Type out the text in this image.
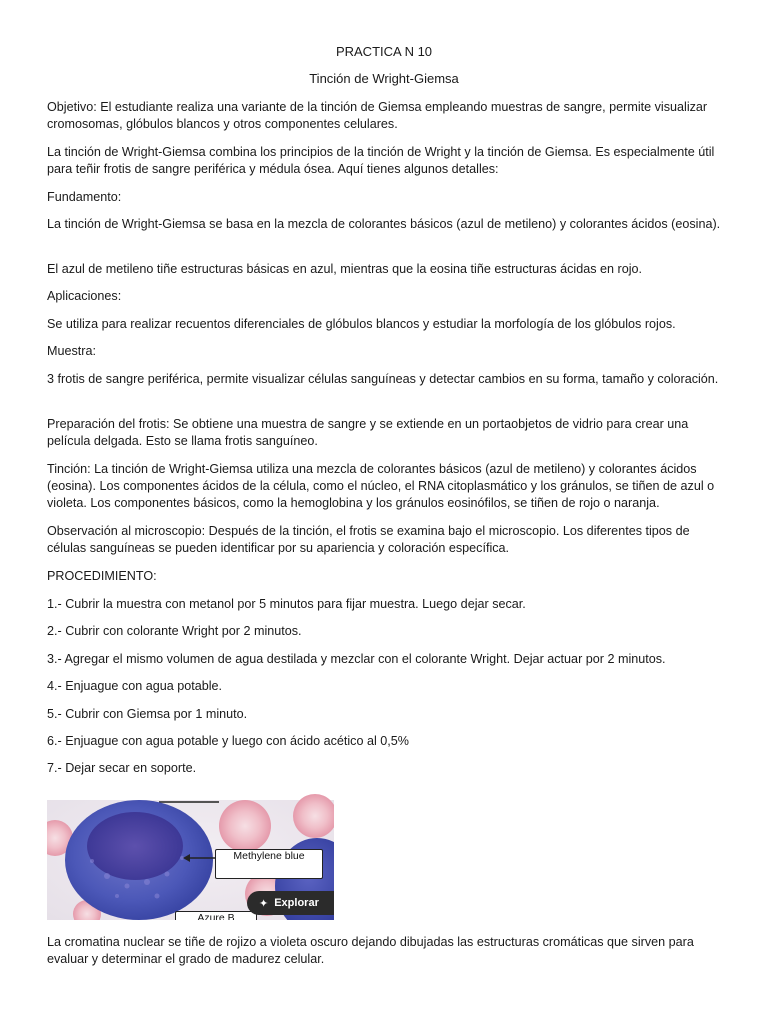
PRACTICA N 10
Tinción de Wright-Giemsa

Objetivo: El estudiante realiza una variante de la tinción de Giemsa empleando muestras de sangre, permite visualizar cromosomas, glóbulos blancos y otros componentes celulares.

La tinción de Wright-Giemsa combina los principios de la tinción de Wright y la tinción de Giemsa. Es especialmente útil para teñir frotis de sangre periférica y médula ósea. Aquí tienes algunos detalles:

Fundamento:

La tinción de Wright-Giemsa se basa en la mezcla de colorantes básicos (azul de metileno) y colorantes ácidos (eosina).

El azul de metileno tiñe estructuras básicas en azul, mientras que la eosina tiñe estructuras ácidas en rojo.

Aplicaciones:

Se utiliza para realizar recuentos diferenciales de glóbulos blancos y estudiar la morfología de los glóbulos rojos.

Muestra:

3 frotis de sangre periférica, permite visualizar células sanguíneas y detectar cambios en su forma, tamaño y coloración.

Preparación del frotis: Se obtiene una muestra de sangre y se extiende en un portaobjetos de vidrio para crear una película delgada. Esto se llama frotis sanguíneo.

Tinción: La tinción de Wright-Giemsa utiliza una mezcla de colorantes básicos (azul de metileno) y colorantes ácidos (eosina). Los componentes ácidos de la célula, como el núcleo, el RNA citoplasmático y los gránulos, se tiñen de azul o violeta. Los componentes básicos, como la hemoglobina y los gránulos eosinófilos, se tiñen de rojo o naranja.

Observación al microscopio: Después de la tinción, el frotis se examina bajo el microscopio. Los diferentes tipos de células sanguíneas se pueden identificar por su apariencia y coloración específica.

PROCEDIMIENTO:

1.- Cubrir la muestra con metanol por 5 minutos para fijar muestra. Luego dejar secar.

2.- Cubrir con colorante Wright por 2 minutos.

3.- Agregar el mismo volumen de agua destilada y mezclar con el colorante Wright. Dejar actuar por 2 minutos.

4.- Enjuague con agua potable.

5.- Cubrir con Giemsa por 1 minuto.

6.- Enjuague con agua potable y luego con ácido acético al 0,5%

7.- Dejar secar en soporte.

Methylene blue
Azure B
✦ Explorar

La cromatina nuclear se tiñe de rojizo a violeta oscuro dejando dibujadas las estructuras cromáticas que sirven para evaluar y determinar el grado de madurez celular.
